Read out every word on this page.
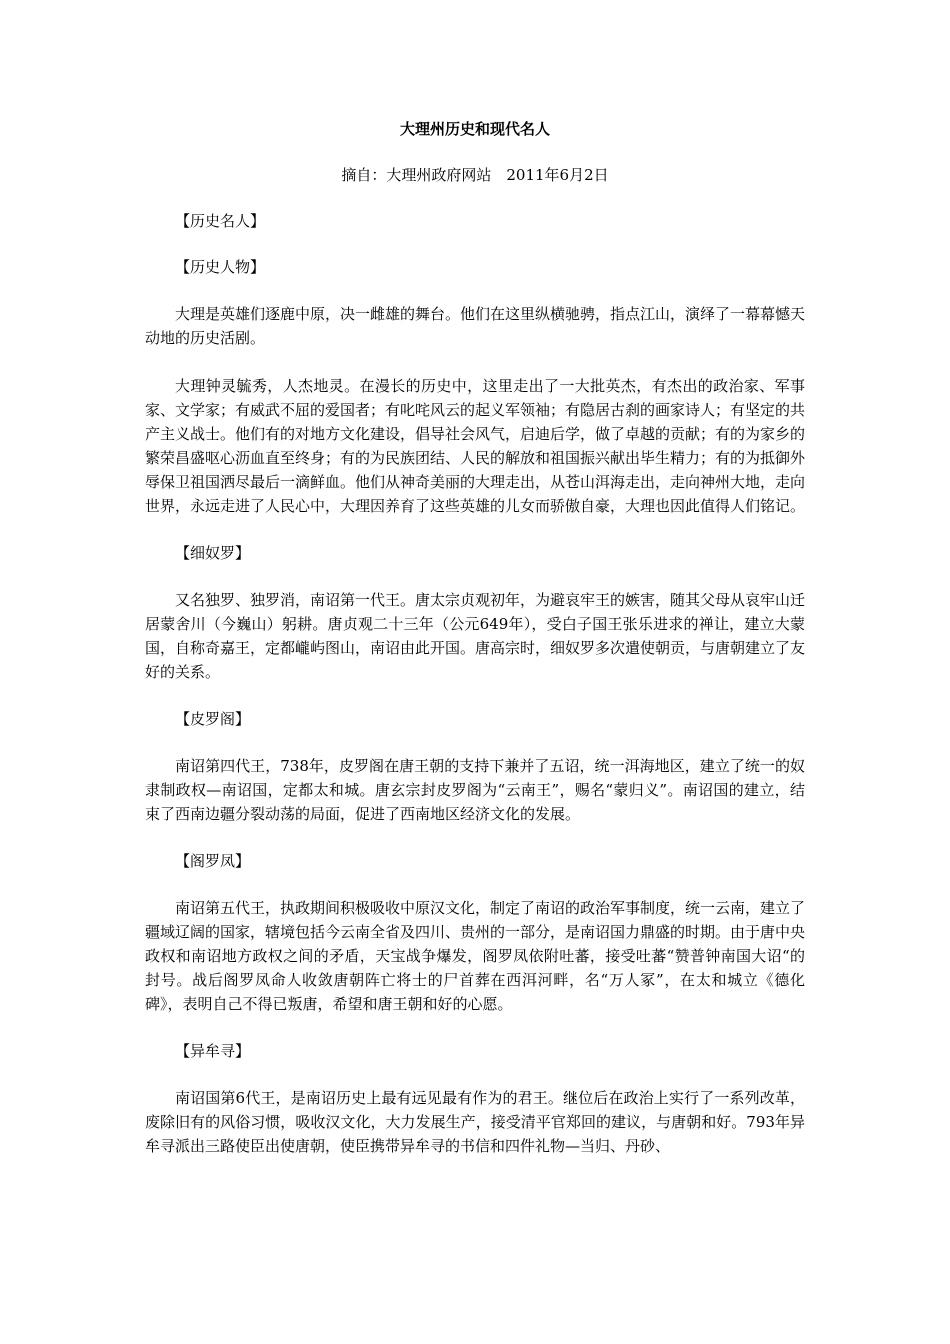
大理州历史和现代名人
摘自：大理州政府网站　2011年6月2日
【历史名人】
【历史人物】
大理是英雄们逐鹿中原，决一雌雄的舞台。他们在这里纵横驰骋，指点江山，演绎了一幕幕憾天动地的历史活剧。
大理钟灵毓秀，人杰地灵。在漫长的历史中，这里走出了一大批英杰，有杰出的政治家、军事家、文学家；有威武不屈的爱国者；有叱咤风云的起义军领袖；有隐居古刹的画家诗人；有坚定的共产主义战士。他们有的对地方文化建设，倡导社会风气，启迪后学，做了卓越的贡献；有的为家乡的繁荣昌盛呕心沥血直至终身；有的为民族团结、人民的解放和祖国振兴献出毕生精力；有的为抵御外辱保卫祖国洒尽最后一滴鲜血。他们从神奇美丽的大理走出，从苍山洱海走出，走向神州大地，走向世界，永远走进了人民心中，大理因养育了这些英雄的儿女而骄傲自豪，大理也因此值得人们铭记。
【细奴罗】
又名独罗、独罗消，南诏第一代王。唐太宗贞观初年，为避哀牢王的嫉害，随其父母从哀牢山迁居蒙舍川（今巍山）躬耕。唐贞观二十三年（公元649年），受白子国王张乐进求的禅让，建立大蒙国，自称奇嘉王，定都巄屿图山，南诏由此开国。唐高宗时，细奴罗多次遣使朝贡，与唐朝建立了友好的关系。
【皮罗阁】
南诏第四代王，738年，皮罗阁在唐王朝的支持下兼并了五诏，统一洱海地区，建立了统一的奴隶制政权—南诏国，定都太和城。唐玄宗封皮罗阁为“云南王”，赐名“蒙归义”。南诏国的建立，结束了西南边疆分裂动荡的局面，促进了西南地区经济文化的发展。
【阁罗凤】
南诏第五代王，执政期间积极吸收中原汉文化，制定了南诏的政治军事制度，统一云南，建立了疆域辽阔的国家，辖境包括今云南全省及四川、贵州的一部分，是南诏国力鼎盛的时期。由于唐中央政权和南诏地方政权之间的矛盾，天宝战争爆发，阁罗凤依附吐蕃，接受吐蕃“赞普钟南国大诏“的封号。战后阁罗凤命人收敛唐朝阵亡将士的尸首葬在西洱河畔，名“万人冢”，在太和城立《德化碑》，表明自己不得已叛唐，希望和唐王朝和好的心愿。
【异牟寻】
南诏国第6代王，是南诏历史上最有远见最有作为的君王。继位后在政治上实行了一系列改革，废除旧有的风俗习惯，吸收汉文化，大力发展生产，接受清平官郑回的建议，与唐朝和好。793年异牟寻派出三路使臣出使唐朝，使臣携带异牟寻的书信和四件礼物—当归、丹砂、
